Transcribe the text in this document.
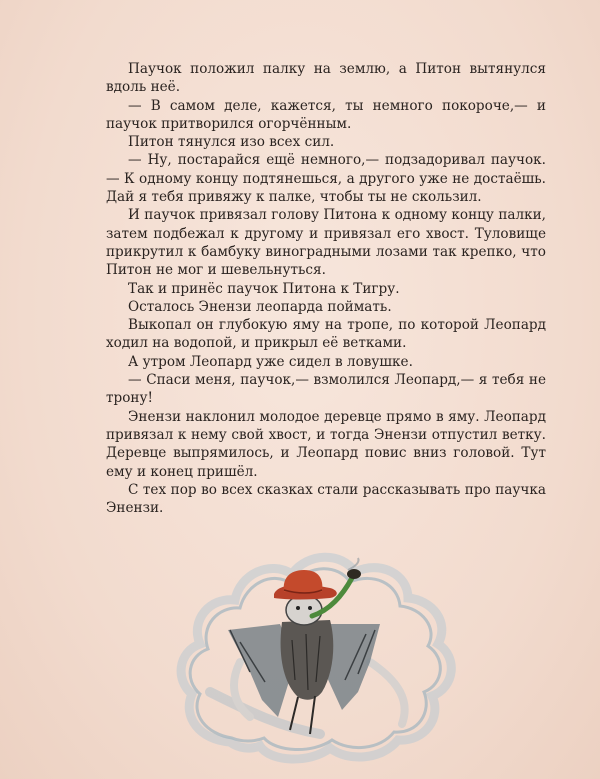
Паучок положил палку на землю, а Питон вытянулся вдоль неё.

— В самом деле, кажется, ты немного покороче,— и паучок притворился огорчённым.

Питон тянулся изо всех сил.

— Ну, постарайся ещё немного,— подзадоривал паучок.— К одному концу подтянешься, а другого уже не достаёшь. Дай я тебя привяжу к палке, чтобы ты не скользил.

И паучок привязал голову Питона к одному концу палки, затем подбежал к другому и привязал его хвост. Туловище прикрутил к бамбуку виноградными лозами так крепко, что Питон не мог и шевельнуться.

Так и принёс паучок Питона к Тигру.

Осталось Энензи леопарда поймать.

Выкопал он глубокую яму на тропе, по которой Леопард ходил на водопой, и прикрыл её ветками.

А утром Леопард уже сидел в ловушке.

— Спаси меня, паучок,— взмолился Леопард,— я тебя не трону!

Энензи наклонил молодое деревце прямо в яму. Леопард привязал к нему свой хвост, и тогда Энензи отпустил ветку. Деревце выпрямилось, и Леопард повис вниз головой. Тут ему и конец пришёл.

С тех пор во всех сказках стали рассказывать про паучка Энензи.
